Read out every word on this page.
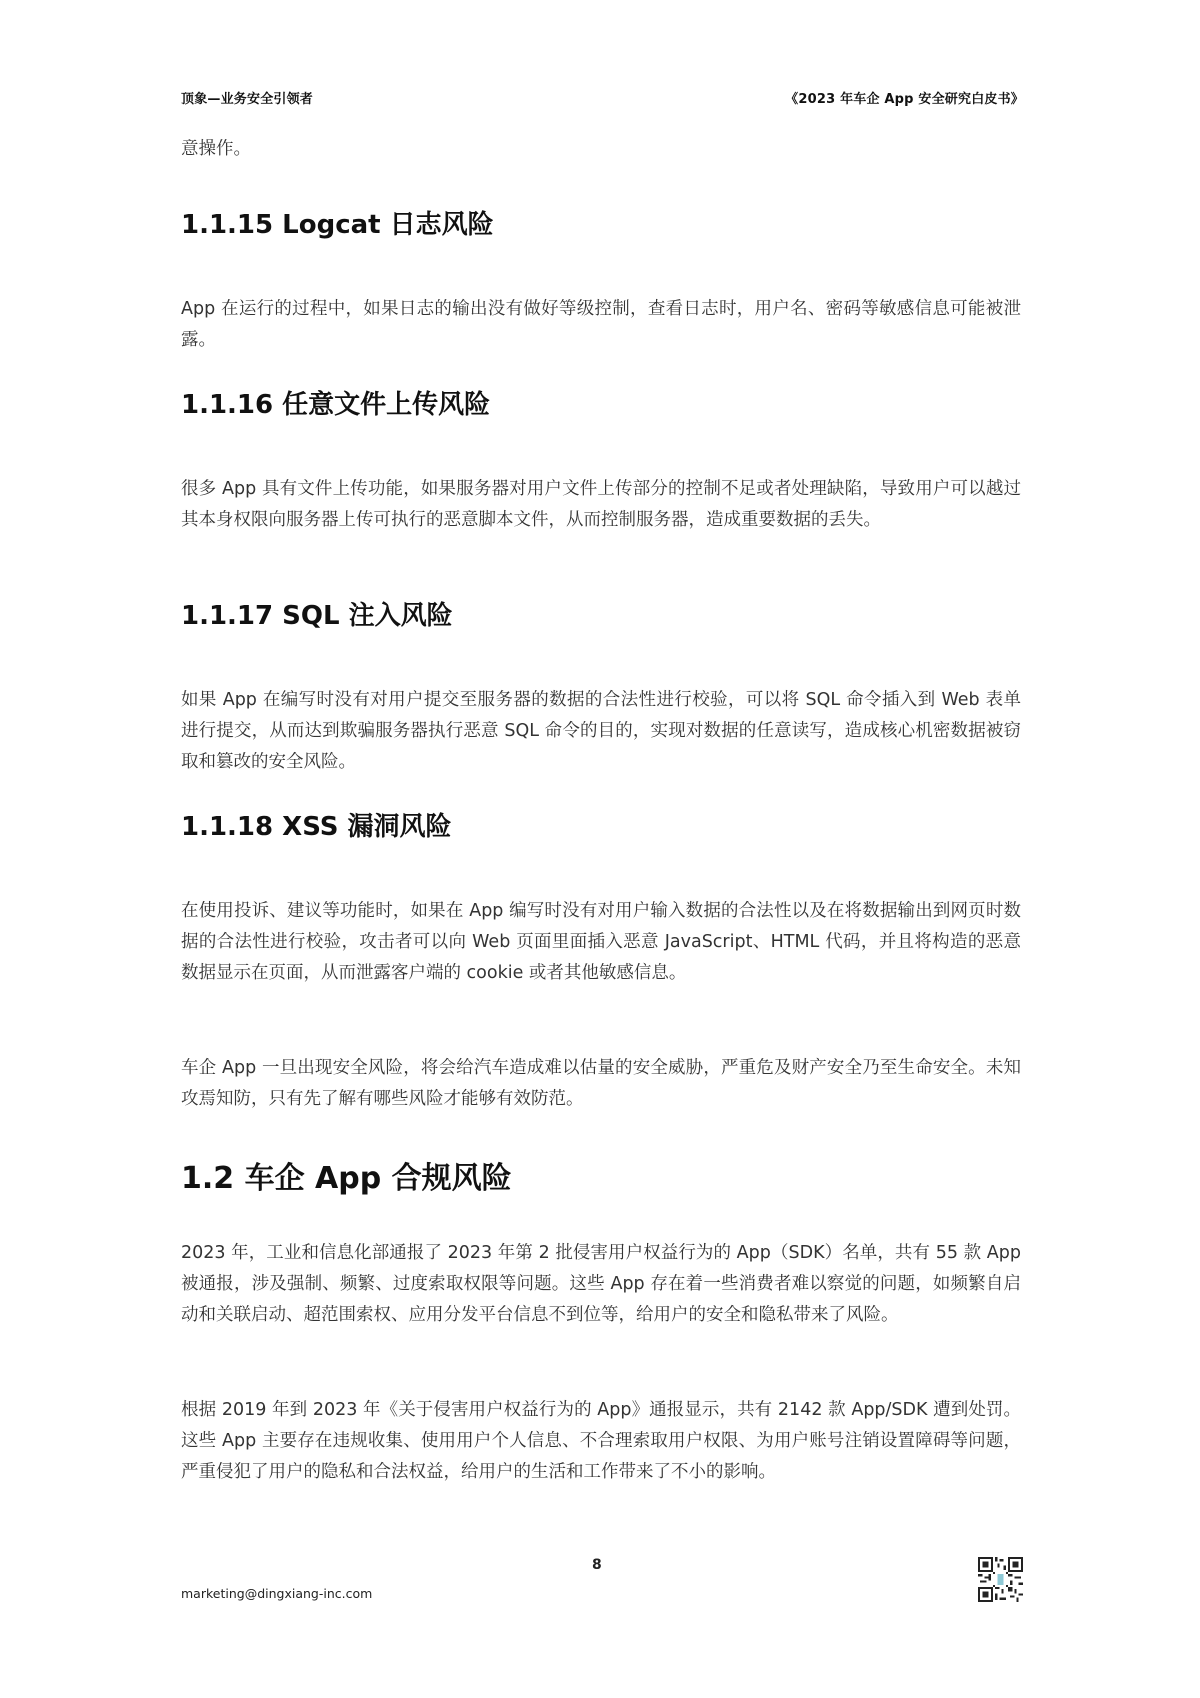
顶象—业务安全引领者	《2023 年车企 App 安全研究白皮书》
意操作。
1.1.15 Logcat 日志风险
App 在运行的过程中，如果日志的输出没有做好等级控制，查看日志时，用户名、密码等敏感信息可能被泄露。
1.1.16 任意文件上传风险
很多 App 具有文件上传功能，如果服务器对用户文件上传部分的控制不足或者处理缺陷，导致用户可以越过其本身权限向服务器上传可执行的恶意脚本文件，从而控制服务器，造成重要数据的丢失。
1.1.17 SQL 注入风险
如果 App 在编写时没有对用户提交至服务器的数据的合法性进行校验，可以将 SQL 命令插入到 Web 表单进行提交，从而达到欺骗服务器执行恶意 SQL 命令的目的，实现对数据的任意读写，造成核心机密数据被窃取和篡改的安全风险。
1.1.18 XSS 漏洞风险
在使用投诉、建议等功能时，如果在 App 编写时没有对用户输入数据的合法性以及在将数据输出到网页时数据的合法性进行校验，攻击者可以向 Web 页面里面插入恶意 JavaScript、HTML 代码，并且将构造的恶意数据显示在页面，从而泄露客户端的 cookie 或者其他敏感信息。
车企 App 一旦出现安全风险，将会给汽车造成难以估量的安全威胁，严重危及财产安全乃至生命安全。未知攻焉知防，只有先了解有哪些风险才能够有效防范。
1.2 车企 App 合规风险
2023 年，工业和信息化部通报了 2023 年第 2 批侵害用户权益行为的 App（SDK）名单，共有 55 款 App 被通报，涉及强制、频繁、过度索取权限等问题。这些 App 存在着一些消费者难以察觉的问题，如频繁自启动和关联启动、超范围索权、应用分发平台信息不到位等，给用户的安全和隐私带来了风险。
根据 2019 年到 2023 年《关于侵害用户权益行为的 App》通报显示，共有 2142 款 App/SDK 遭到处罚。这些 App 主要存在违规收集、使用用户个人信息、不合理索取用户权限、为用户账号注销设置障碍等问题，严重侵犯了用户的隐私和合法权益，给用户的生活和工作带来了不小的影响。
8
marketing@dingxiang-inc.com
